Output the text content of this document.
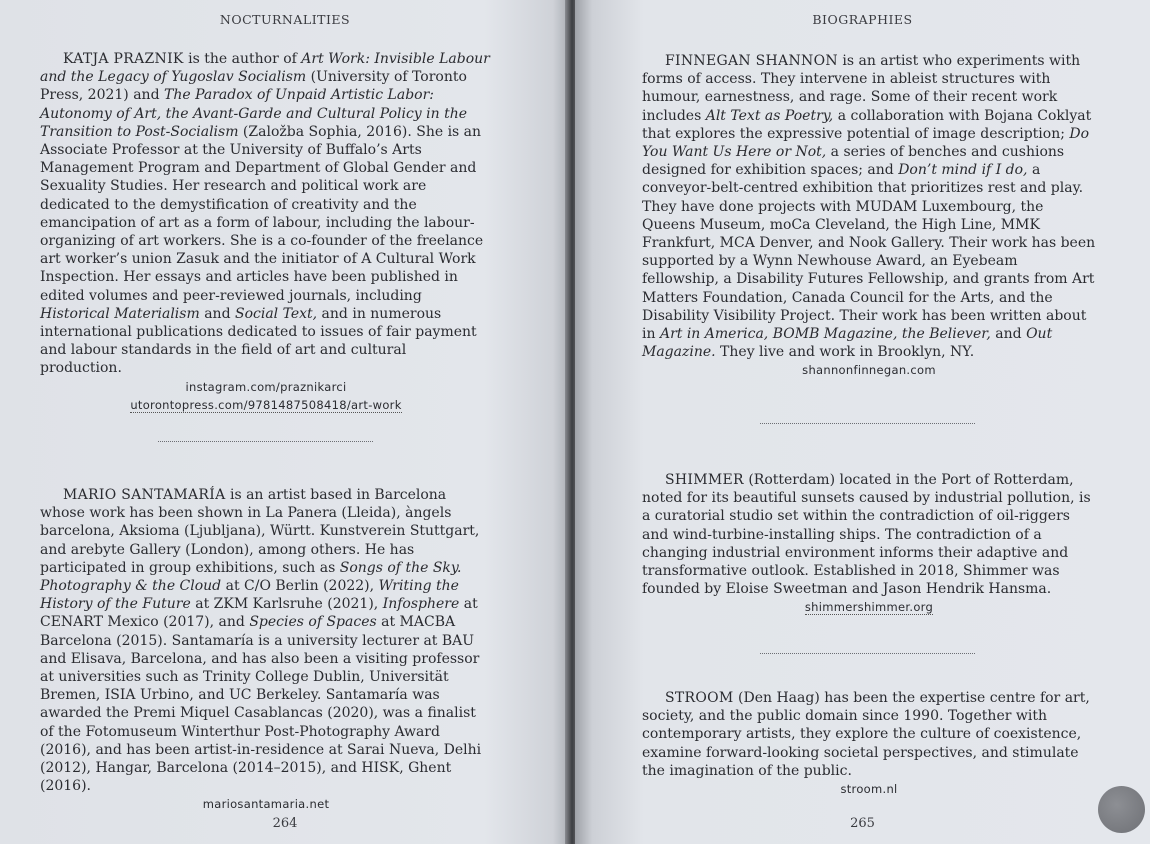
NOCTURNALITIES

KATJA PRAZNIK is the author of Art Work: Invisible Labour and the Legacy of Yugoslav Socialism (University of Toronto Press, 2021) and The Paradox of Unpaid Artistic Labor: Autonomy of Art, the Avant-Garde and Cultural Policy in the Transition to Post-Socialism (Založba Sophia, 2016). She is an Associate Professor at the University of Buffalo’s Arts Management Program and Department of Global Gender and Sexuality Studies. Her research and political work are dedicated to the demystification of creativity and the emancipation of art as a form of labour, including the labour-organizing of art workers. She is a co-founder of the freelance art worker’s union Zasuk and the initiator of A Cultural Work Inspection. Her essays and articles have been published in edited volumes and peer-reviewed journals, including Historical Materialism and Social Text, and in numerous international publications dedicated to issues of fair payment and labour standards in the field of art and cultural production.

instagram.com/praznikarci
utorontopress.com/9781487508418/art-work

MARIO SANTAMARÍA is an artist based in Barcelona whose work has been shown in La Panera (Lleida), àngels barcelona, Aksioma (Ljubljana), Württ. Kunstverein Stuttgart, and arebyte Gallery (London), among others. He has participated in group exhibitions, such as Songs of the Sky. Photography & the Cloud at C/O Berlin (2022), Writing the History of the Future at ZKM Karlsruhe (2021), Infosphere at CENART Mexico (2017), and Species of Spaces at MACBA Barcelona (2015). Santamaría is a university lecturer at BAU and Elisava, Barcelona, and has also been a visiting professor at universities such as Trinity College Dublin, Universität Bremen, ISIA Urbino, and UC Berkeley. Santamaría was awarded the Premi Miquel Casablancas (2020), was a finalist of the Fotomuseum Winterthur Post-Photography Award (2016), and has been artist-in-residence at Sarai Nueva, Delhi (2012), Hangar, Barcelona (2014–2015), and HISK, Ghent (2016).

mariosantamaria.net
264
BIOGRAPHIES

FINNEGAN SHANNON is an artist who experiments with forms of access. They intervene in ableist structures with humour, earnestness, and rage. Some of their recent work includes Alt Text as Poetry, a collaboration with Bojana Coklyat that explores the expressive potential of image description; Do You Want Us Here or Not, a series of benches and cushions designed for exhibition spaces; and Don’t mind if I do, a conveyor-belt-centred exhibition that prioritizes rest and play. They have done projects with MUDAM Luxembourg, the Queens Museum, moCa Cleveland, the High Line, MMK Frankfurt, MCA Denver, and Nook Gallery. Their work has been supported by a Wynn Newhouse Award, an Eyebeam fellowship, a Disability Futures Fellowship, and grants from Art Matters Foundation, Canada Council for the Arts, and the Disability Visibility Project. Their work has been written about in Art in America, BOMB Magazine, the Believer, and Out Magazine. They live and work in Brooklyn, NY.

shannonfinnegan.com

SHIMMER (Rotterdam) located in the Port of Rotterdam, noted for its beautiful sunsets caused by industrial pollution, is a curatorial studio set within the contradiction of oil-riggers and wind-turbine-installing ships. The contradiction of a changing industrial environment informs their adaptive and transformative outlook. Established in 2018, Shimmer was founded by Eloise Sweetman and Jason Hendrik Hansma.

shimmershimmer.org

STROOM (Den Haag) has been the expertise centre for art, society, and the public domain since 1990. Together with contemporary artists, they explore the culture of coexistence, examine forward-looking societal perspectives, and stimulate the imagination of the public.

stroom.nl
265
